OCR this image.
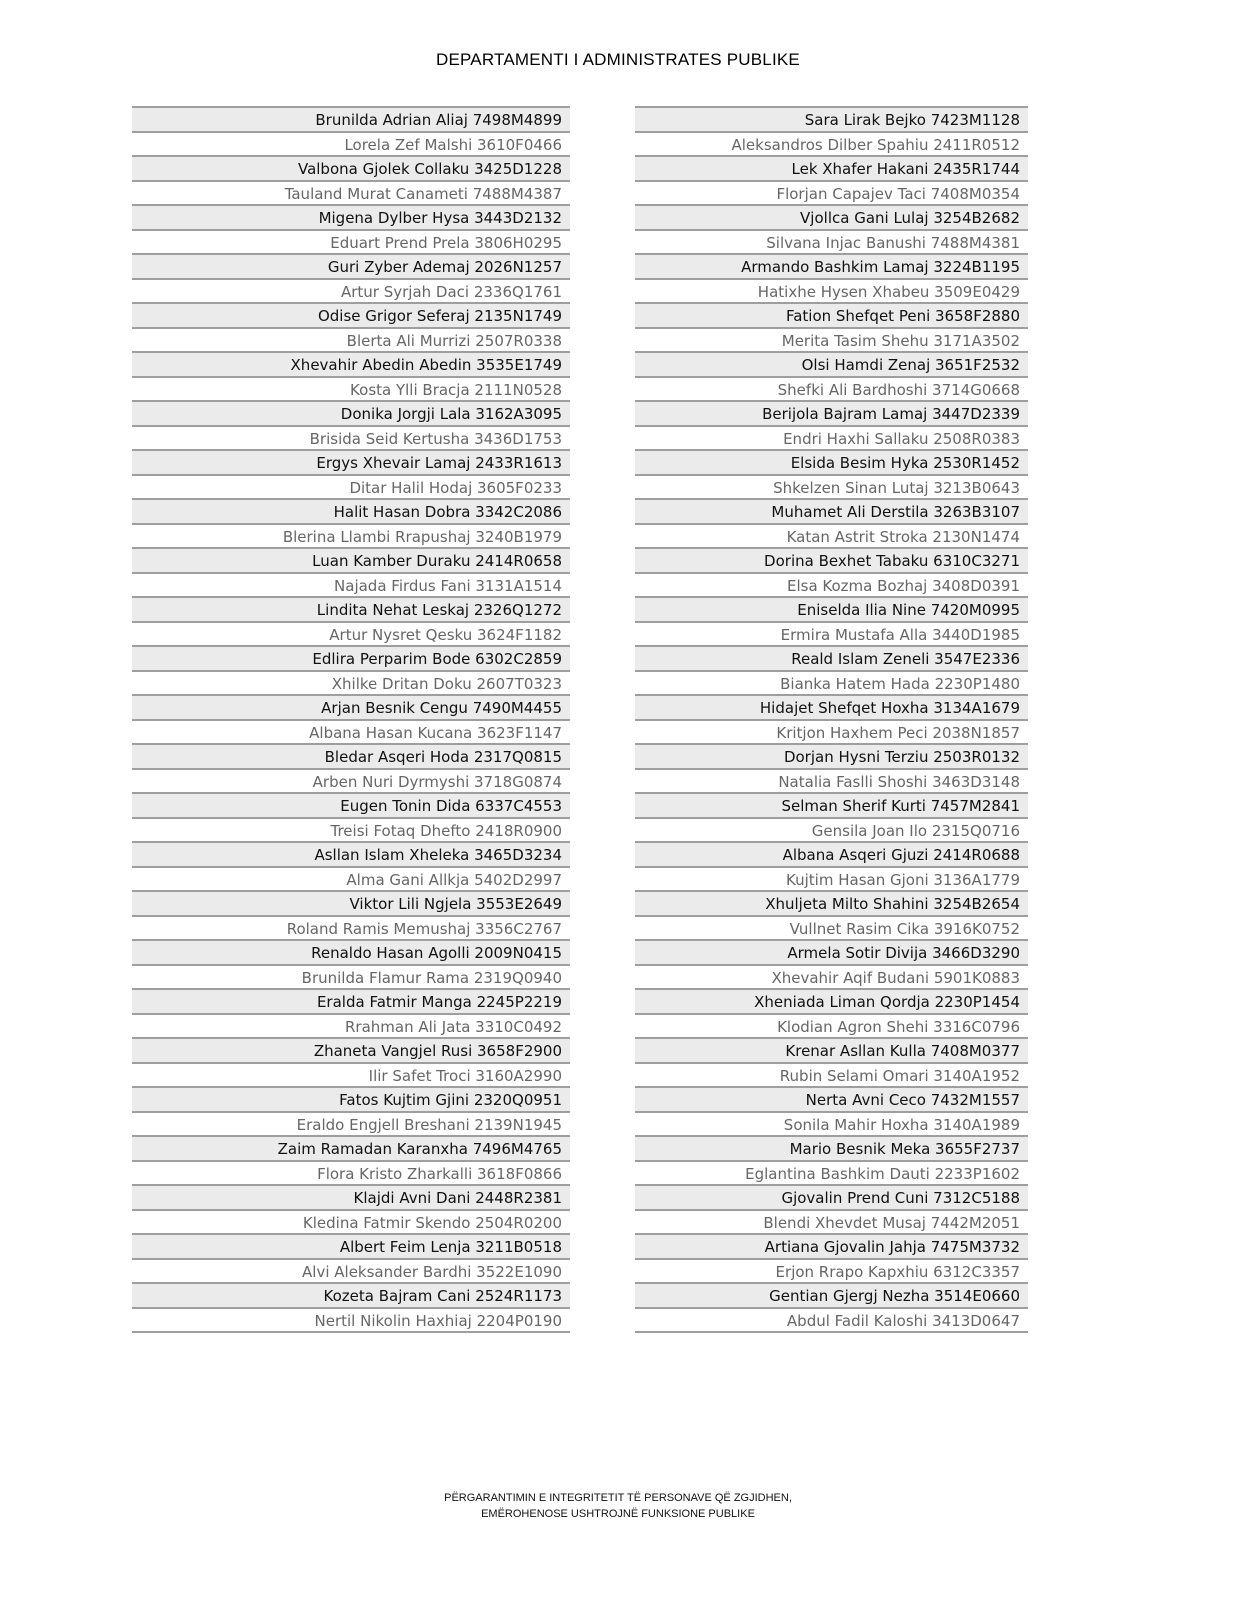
DEPARTAMENTI I ADMINISTRATES PUBLIKE
Brunilda Adrian Aliaj 7498M4899
Lorela Zef Malshi 3610F0466
Valbona Gjolek Collaku 3425D1228
Tauland Murat Canameti 7488M4387
Migena Dylber Hysa 3443D2132
Eduart Prend Prela 3806H0295
Guri Zyber Ademaj 2026N1257
Artur Syrjah Daci 2336Q1761
Odise Grigor Seferaj 2135N1749
Blerta Ali Murrizi 2507R0338
Xhevahir Abedin Abedin 3535E1749
Kosta Ylli Bracja 2111N0528
Donika Jorgji Lala 3162A3095
Brisida Seid Kertusha 3436D1753
Ergys Xhevair Lamaj 2433R1613
Ditar Halil Hodaj 3605F0233
Halit Hasan Dobra 3342C2086
Blerina Llambi Rrapushaj 3240B1979
Luan Kamber Duraku 2414R0658
Najada Firdus Fani 3131A1514
Lindita Nehat Leskaj 2326Q1272
Artur Nysret Qesku 3624F1182
Edlira Perparim Bode 6302C2859
Xhilke Dritan Doku 2607T0323
Arjan Besnik Cengu 7490M4455
Albana Hasan Kucana 3623F1147
Bledar Asqeri Hoda 2317Q0815
Arben Nuri Dyrmyshi 3718G0874
Eugen Tonin Dida 6337C4553
Treisi Fotaq Dhefto 2418R0900
Asllan Islam Xheleka 3465D3234
Alma Gani Allkja 5402D2997
Viktor Lili Ngjela 3553E2649
Roland Ramis Memushaj 3356C2767
Renaldo Hasan Agolli 2009N0415
Brunilda Flamur Rama 2319Q0940
Eralda Fatmir Manga 2245P2219
Rrahman Ali Jata 3310C0492
Zhaneta Vangjel Rusi 3658F2900
Ilir Safet Troci 3160A2990
Fatos Kujtim Gjini 2320Q0951
Eraldo Engjell Breshani 2139N1945
Zaim Ramadan Karanxha 7496M4765
Flora Kristo Zharkalli 3618F0866
Klajdi Avni Dani 2448R2381
Kledina Fatmir Skendo 2504R0200
Albert Feim Lenja 3211B0518
Alvi Aleksander Bardhi 3522E1090
Kozeta Bajram Cani 2524R1173
Nertil Nikolin Haxhiaj 2204P0190
Sara Lirak Bejko 7423M1128
Aleksandros Dilber Spahiu 2411R0512
Lek Xhafer Hakani 2435R1744
Florjan Capajev Taci 7408M0354
Vjollca Gani Lulaj 3254B2682
Silvana Injac Banushi 7488M4381
Armando Bashkim Lamaj 3224B1195
Hatixhe Hysen Xhabeu 3509E0429
Fation Shefqet Peni 3658F2880
Merita Tasim Shehu 3171A3502
Olsi Hamdi Zenaj 3651F2532
Shefki Ali Bardhoshi 3714G0668
Berijola Bajram Lamaj 3447D2339
Endri Haxhi Sallaku 2508R0383
Elsida Besim Hyka 2530R1452
Shkelzen Sinan Lutaj 3213B0643
Muhamet Ali Derstila 3263B3107
Katan Astrit Stroka 2130N1474
Dorina Bexhet Tabaku 6310C3271
Elsa Kozma Bozhaj 3408D0391
Eniselda Ilia Nine 7420M0995
Ermira Mustafa Alla 3440D1985
Reald Islam Zeneli 3547E2336
Bianka Hatem Hada 2230P1480
Hidajet Shefqet Hoxha 3134A1679
Kritjon Haxhem Peci 2038N1857
Dorjan Hysni Terziu 2503R0132
Natalia Faslli Shoshi 3463D3148
Selman Sherif Kurti 7457M2841
Gensila Joan Ilo 2315Q0716
Albana Asqeri Gjuzi 2414R0688
Kujtim Hasan Gjoni 3136A1779
Xhuljeta Milto Shahini 3254B2654
Vullnet Rasim Cika 3916K0752
Armela Sotir Divija 3466D3290
Xhevahir Aqif Budani 5901K0883
Xheniada Liman Qordja 2230P1454
Klodian Agron Shehi 3316C0796
Krenar Asllan Kulla 7408M0377
Rubin Selami Omari 3140A1952
Nerta Avni Ceco 7432M1557
Sonila Mahir Hoxha 3140A1989
Mario Besnik Meka 3655F2737
Eglantina Bashkim Dauti 2233P1602
Gjovalin Prend Cuni 7312C5188
Blendi Xhevdet Musaj 7442M2051
Artiana Gjovalin Jahja 7475M3732
Erjon Rrapo Kapxhiu 6312C3357
Gentian Gjergj Nezha 3514E0660
Abdul Fadil Kaloshi 3413D0647
PËRGARANTIMIN E INTEGRITETIT TË PERSONAVE QË ZGJIDHEN,
EMËROHENOSE USHTROJNË FUNKSIONE PUBLIKE
